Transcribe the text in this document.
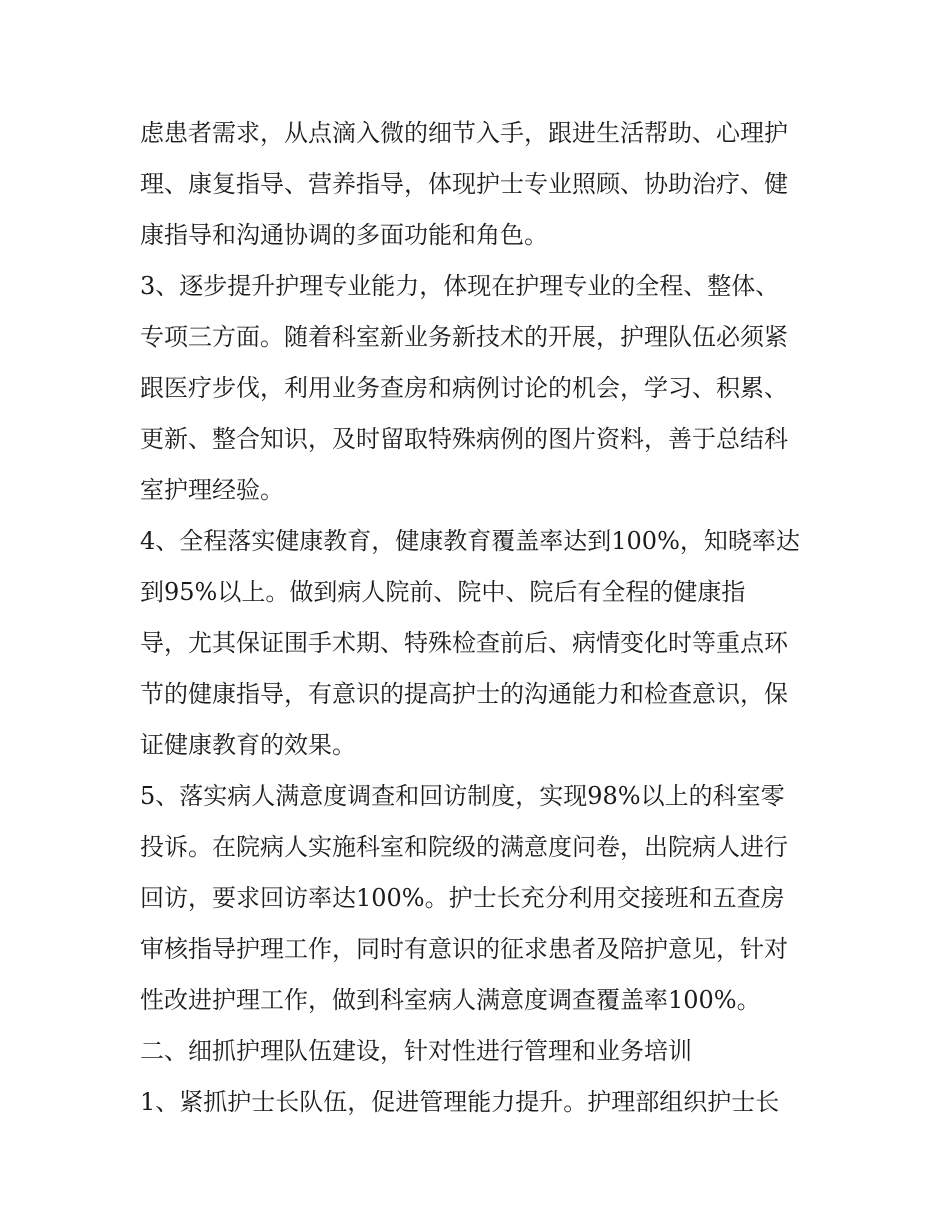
虑患者需求，从点滴入微的细节入手，跟进生活帮助、心理护
理、康复指导、营养指导，体现护士专业照顾、协助治疗、健
康指导和沟通协调的多面功能和角色。
3、逐步提升护理专业能力，体现在护理专业的全程、整体、
专项三方面。随着科室新业务新技术的开展，护理队伍必须紧
跟医疗步伐，利用业务查房和病例讨论的机会，学习、积累、
更新、整合知识，及时留取特殊病例的图片资料，善于总结科
室护理经验。
4、全程落实健康教育，健康教育覆盖率达到100%，知晓率达
到95%以上。做到病人院前、院中、院后有全程的健康指
导，尤其保证围手术期、特殊检查前后、病情变化时等重点环
节的健康指导，有意识的提高护士的沟通能力和检查意识，保
证健康教育的效果。
5、落实病人满意度调查和回访制度，实现98%以上的科室零
投诉。在院病人实施科室和院级的满意度问卷，出院病人进行
回访，要求回访率达100%。护士长充分利用交接班和五查房
审核指导护理工作，同时有意识的征求患者及陪护意见，针对
性改进护理工作，做到科室病人满意度调查覆盖率100%。
二、细抓护理队伍建设，针对性进行管理和业务培训
1、紧抓护士长队伍，促进管理能力提升。护理部组织护士长
